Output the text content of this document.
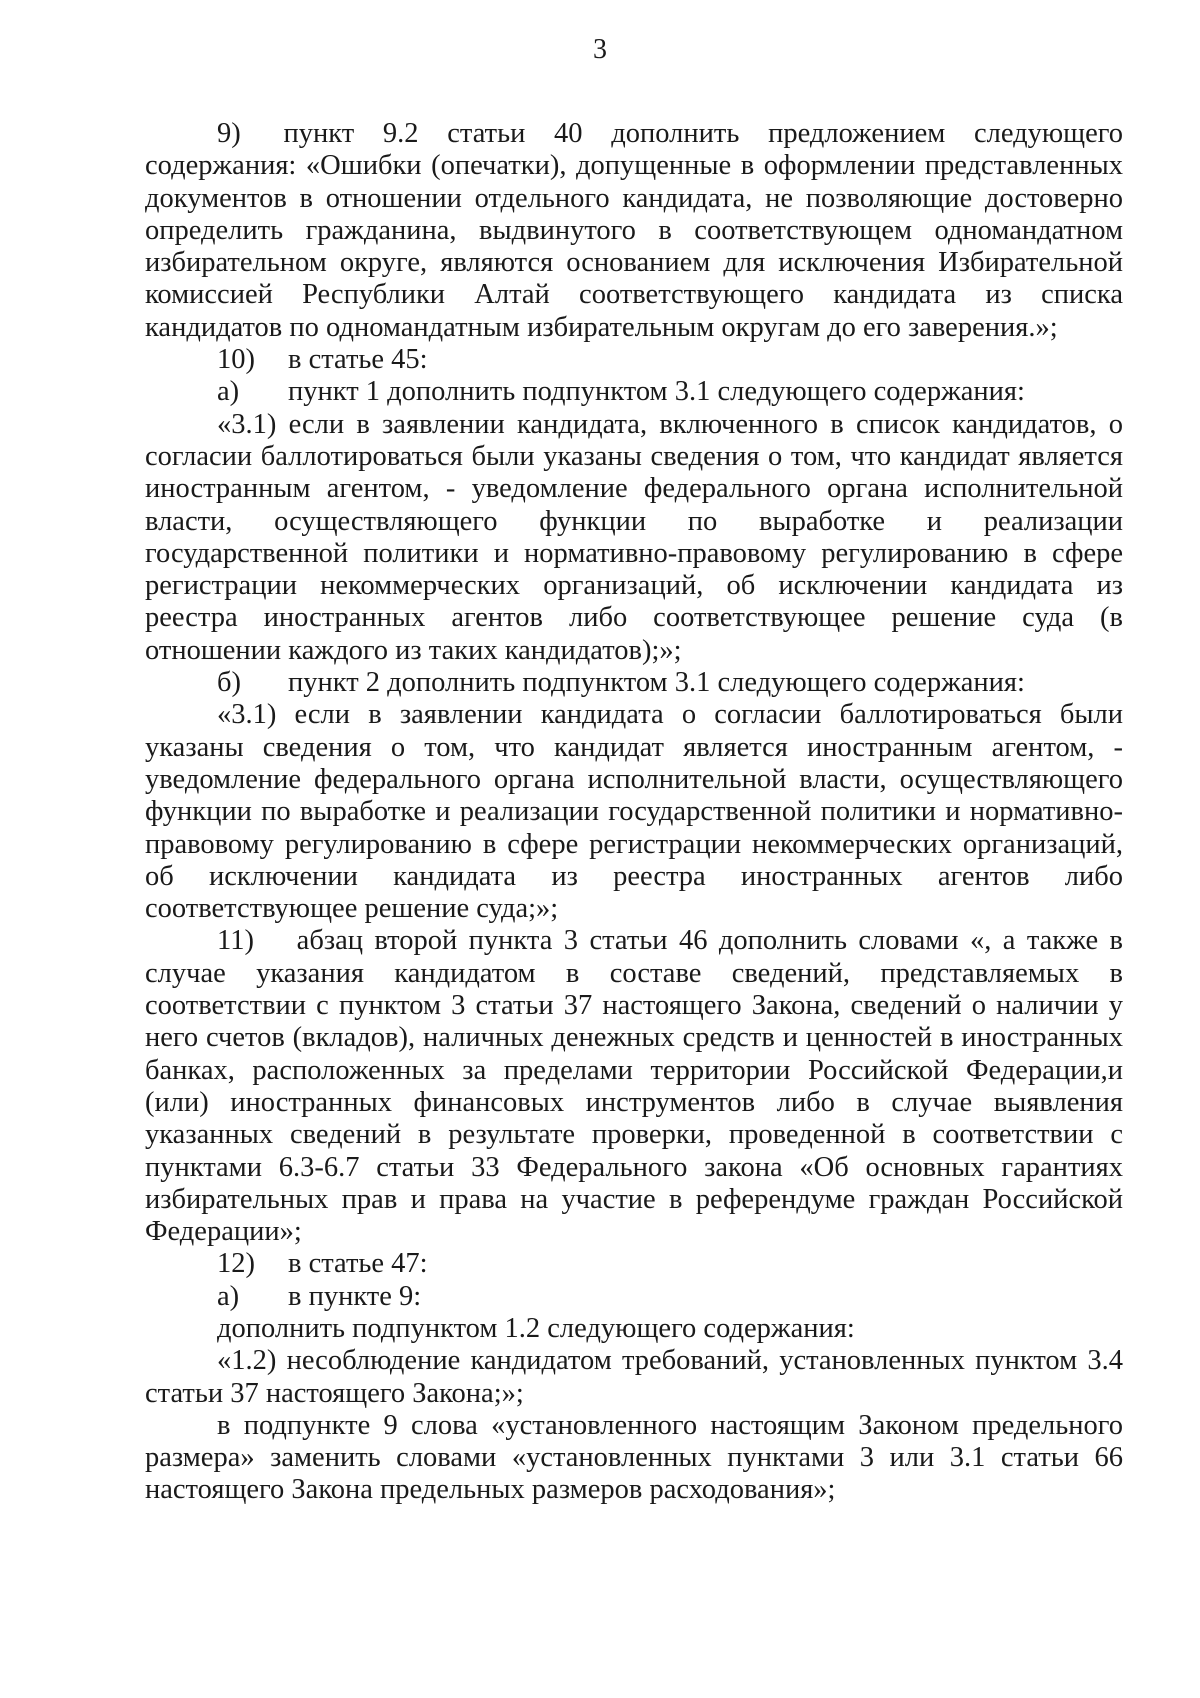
3

9)  пункт 9.2 статьи 40 дополнить предложением следующего содержания: «Ошибки (опечатки), допущенные в оформлении представленных документов в отношении отдельного кандидата, не позволяющие достоверно определить гражданина, выдвинутого в соответствующем одномандатном избирательном округе, являются основанием для исключения Избирательной комиссией Республики Алтай соответствующего кандидата из списка кандидатов по одномандатным избирательным округам до его заверения.»;

10) в статье 45:

а) пункт 1 дополнить подпунктом 3.1 следующего содержания:

«3.1) если в заявлении кандидата, включенного в список кандидатов, о согласии баллотироваться были указаны сведения о том, что кандидат является иностранным агентом, - уведомление федерального органа исполнительной власти, осуществляющего функции по выработке и реализации государственной политики и нормативно-правовому регулированию в сфере регистрации некоммерческих организаций, об исключении кандидата из реестра иностранных агентов либо соответствующее решение суда (в отношении каждого из таких кандидатов);»;

б) пункт 2 дополнить подпунктом 3.1 следующего содержания:

«3.1) если в заявлении кандидата о согласии баллотироваться были указаны сведения о том, что кандидат является иностранным агентом, - уведомление федерального органа исполнительной власти, осуществляющего функции по выработке и реализации государственной политики и нормативно-правовому регулированию в сфере регистрации некоммерческих организаций, об исключении кандидата из реестра иностранных агентов либо соответствующее решение суда;»;

11)  абзац второй пункта 3 статьи 46 дополнить словами «, а также в случае указания кандидатом в составе сведений, представляемых в соответствии с пунктом 3 статьи 37 настоящего Закона, сведений о наличии у него счетов (вкладов), наличных денежных средств и ценностей в иностранных банках, расположенных за пределами территории Российской Федерации,и (или) иностранных финансовых инструментов либо в случае выявления указанных сведений в результате проверки, проведенной в соответствии с пунктами 6.3-6.7 статьи 33 Федерального закона «Об основных гарантиях избирательных прав и права на участие в референдуме граждан Российской Федерации»;

12) в статье 47:

а) в пункте 9:

дополнить подпунктом 1.2 следующего содержания:

«1.2) несоблюдение кандидатом требований, установленных пунктом 3.4 статьи 37 настоящего Закона;»;

в подпункте 9 слова «установленного настоящим Законом предельного размера» заменить словами «установленных пунктами 3 или 3.1 статьи 66 настоящего Закона предельных размеров расходования»;
